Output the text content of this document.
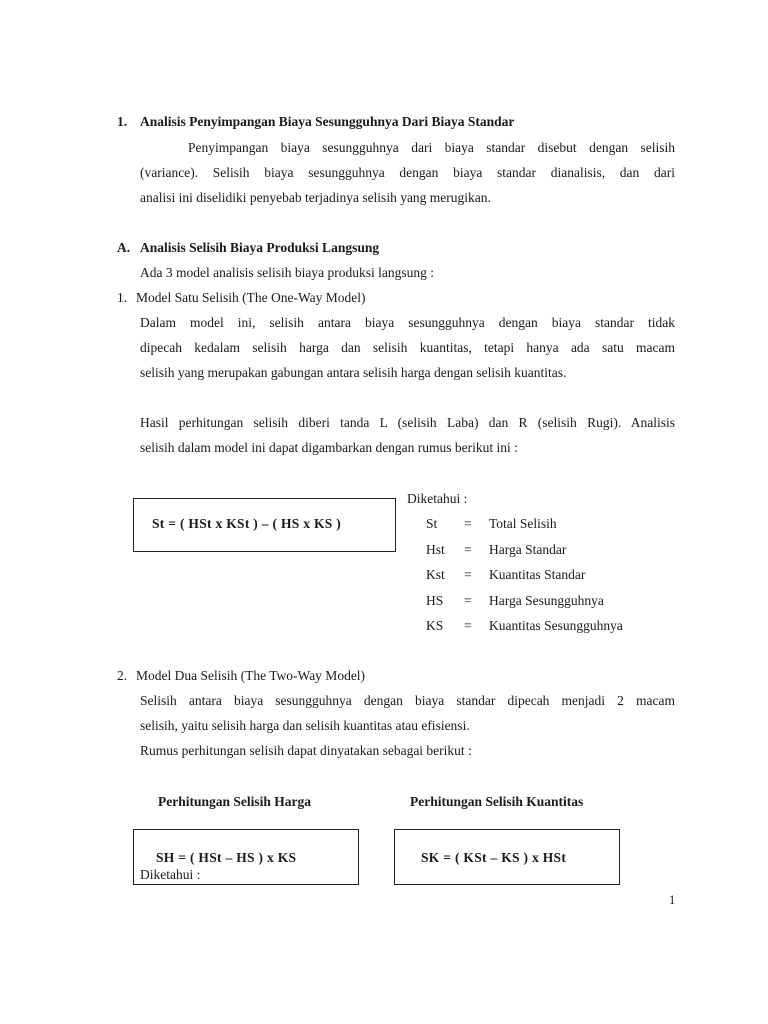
1. Analisis Penyimpangan Biaya Sesungguhnya Dari Biaya Standar
Penyimpangan biaya sesungguhnya dari biaya standar disebut dengan selisih
(variance). Selisih biaya sesungguhnya dengan biaya standar dianalisis, dan dari
analisi ini diselidiki penyebab terjadinya selisih yang merugikan.
A. Analisis Selisih Biaya Produksi Langsung
Ada 3 model analisis selisih biaya produksi langsung :
1. Model Satu Selisih (The One-Way Model)
Dalam model ini, selisih antara biaya sesungguhnya dengan biaya standar tidak
dipecah kedalam selisih harga dan selisih kuantitas, tetapi hanya ada satu macam
selisih yang merupakan gabungan antara selisih harga dengan selisih kuantitas.
Hasil perhitungan selisih diberi tanda L (selisih Laba) dan R (selisih Rugi). Analisis
selisih dalam model ini dapat digambarkan dengan rumus berikut ini :
St = ( HSt x KSt ) – ( HS x KS )
Diketahui :
St = Total Selisih
Hst = Harga Standar
Kst = Kuantitas Standar
HS = Harga Sesungguhnya
KS = Kuantitas Sesungguhnya
2. Model Dua Selisih (The Two-Way Model)
Selisih antara biaya sesungguhnya dengan biaya standar dipecah menjadi 2 macam
selisih, yaitu selisih harga dan selisih kuantitas atau efisiensi.
Rumus perhitungan selisih dapat dinyatakan sebagai berikut :
Perhitungan Selisih Harga	Perhitungan Selisih Kuantitas
SH = ( HSt – HS ) x KS
Diketahui :
SK = ( KSt – KS ) x HSt
1
